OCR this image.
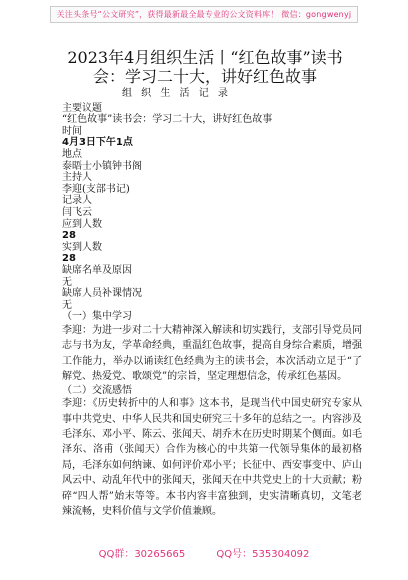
关注头条号“公文研究”，获得最新最全最专业的公文资料库！ 微信：gongwenyj
2023年4月组织生活丨“红色故事”读书会：学习二十大，讲好红色故事
组 织 生 活 记 录
主要议题
“红色故事”读书会：学习二十大，讲好红色故事
时间
4月3日下午1点
地点
泰晤士小镇钟书阁
主持人
李迎(支部书记)
记录人
闫飞云
应到人数
28
实到人数
28
缺席名单及原因
无
缺席人员补课情况
无
（一）集中学习
李迎：为进一步对二十大精神深入解读和切实践行，支部引导党员同志与书为友，学革命经典，重温红色故事，提高自身综合素质，增强工作能力，举办以诵读红色经典为主的读书会，本次活动立足于“了解党、热爱党、歌颂党”的宗旨，坚定理想信念，传承红色基因。
（二）交流感悟
李迎：《历史转折中的人和事》这本书，是现当代中国史研究专家从事中共党史、中华人民共和国史研究三十多年的总结之一。内容涉及毛泽东、邓小平、陈云、张闻天、胡乔木在历史时期某个侧面。如毛泽东、洛甫（张闻天）合作为核心的中共第一代领导集体的最初格局，毛泽东如何纳谏、如何评价邓小平；长征中、西安事变中、庐山风云中、动乱年代中的张闻天，张闻天在中共党史上的十大贡献；粉碎“四人帮”始末等等。本书内容丰富独到，史实清晰真切，文笔老辣流畅，史料价值与文学价值兼顾。
QQ群：30265665	QQ号：535304092
